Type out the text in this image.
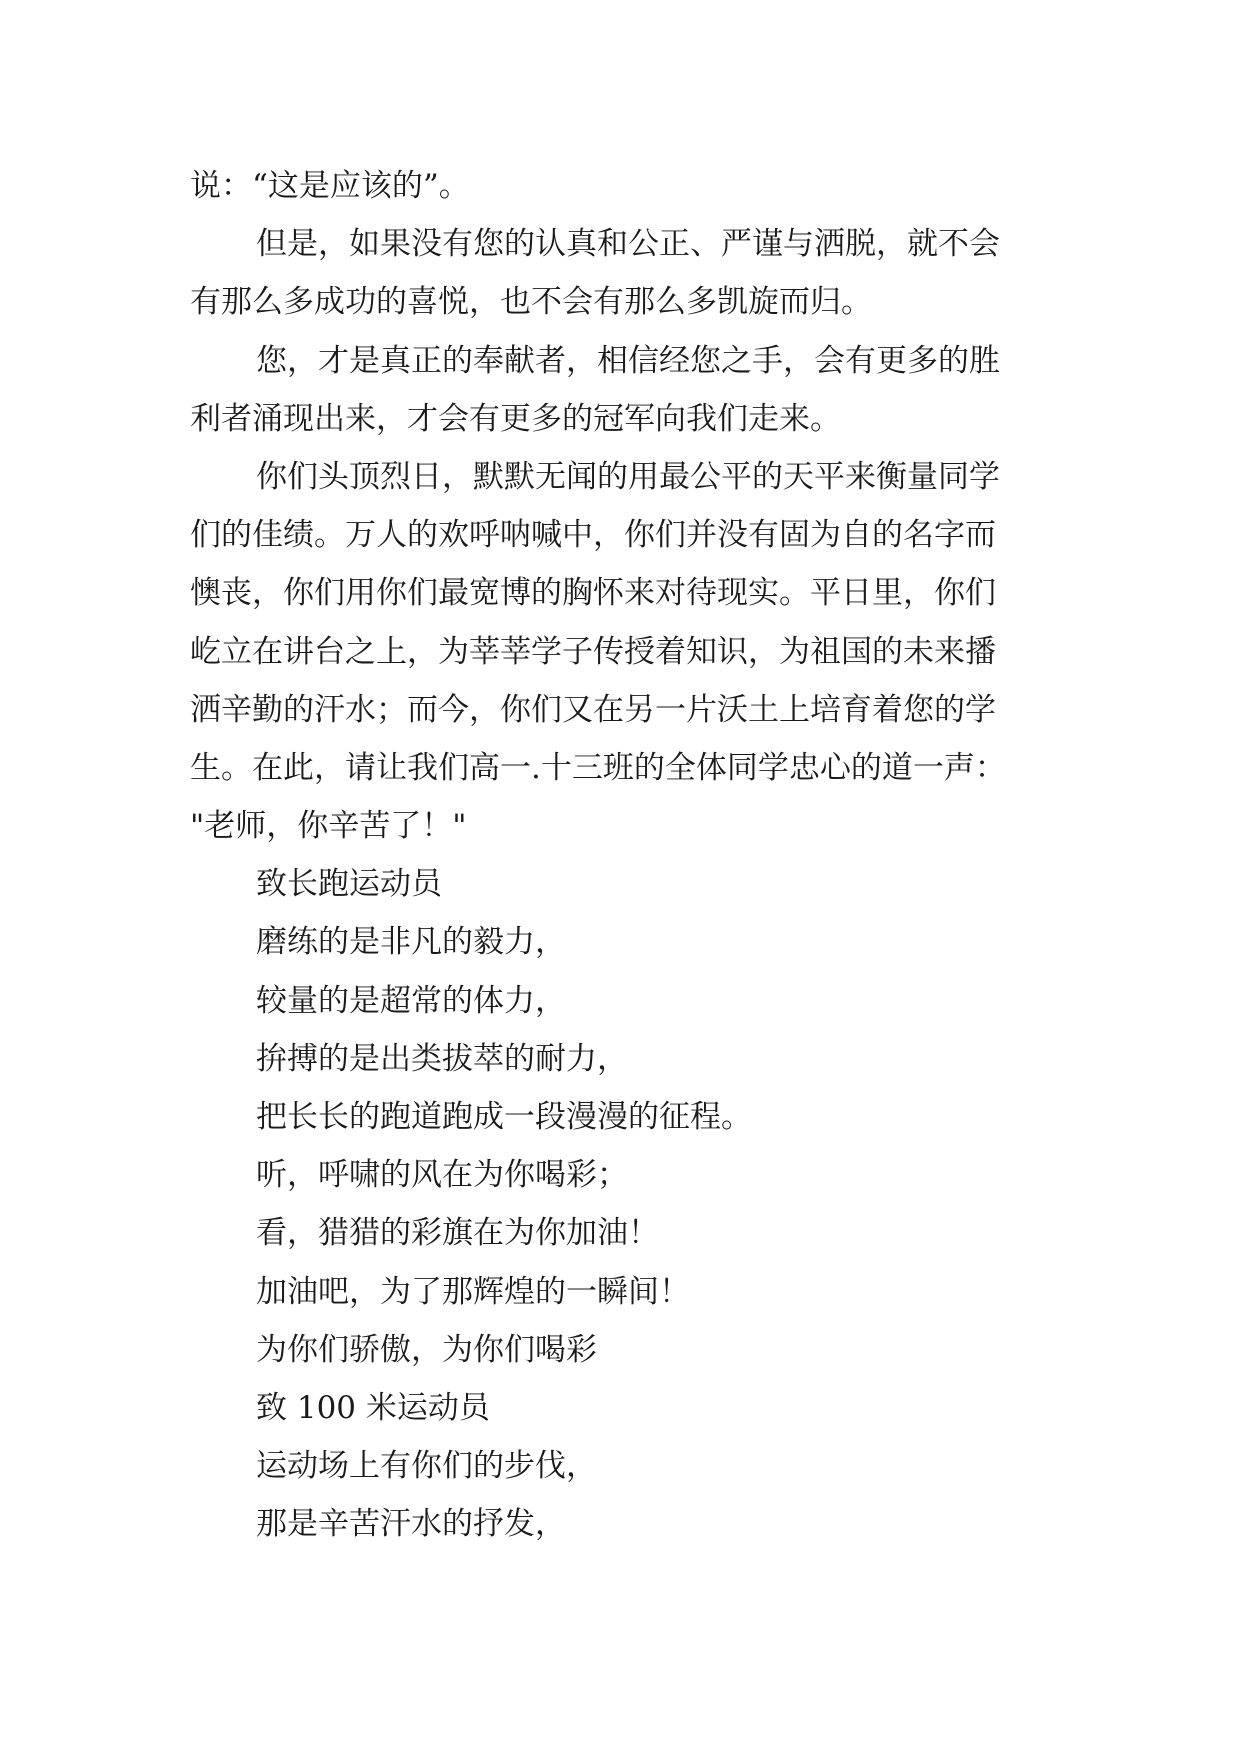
说：“这是应该的”。
但是，如果没有您的认真和公正、严谨与洒脱，就不会
有那么多成功的喜悦，也不会有那么多凯旋而归。
您，才是真正的奉献者，相信经您之手，会有更多的胜
利者涌现出来，才会有更多的冠军向我们走来。
你们头顶烈日，默默无闻的用最公平的天平来衡量同学
们的佳绩。万人的欢呼呐喊中，你们并没有固为自的名字而
懊丧，你们用你们最宽博的胸怀来对待现实。平日里，你们
屹立在讲台之上，为莘莘学子传授着知识，为祖国的未来播
洒辛勤的汗水；而今，你们又在另一片沃土上培育着您的学
生。在此，请让我们高一.十三班的全体同学忠心的道一声：
"老师，你辛苦了！"
致长跑运动员
磨练的是非凡的毅力，
较量的是超常的体力，
拚搏的是出类拔萃的耐力，
把长长的跑道跑成一段漫漫的征程。
听，呼啸的风在为你喝彩；
看，猎猎的彩旗在为你加油！
加油吧，为了那辉煌的一瞬间！
为你们骄傲，为你们喝彩
致 100 米运动员
运动场上有你们的步伐，
那是辛苦汗水的抒发，
